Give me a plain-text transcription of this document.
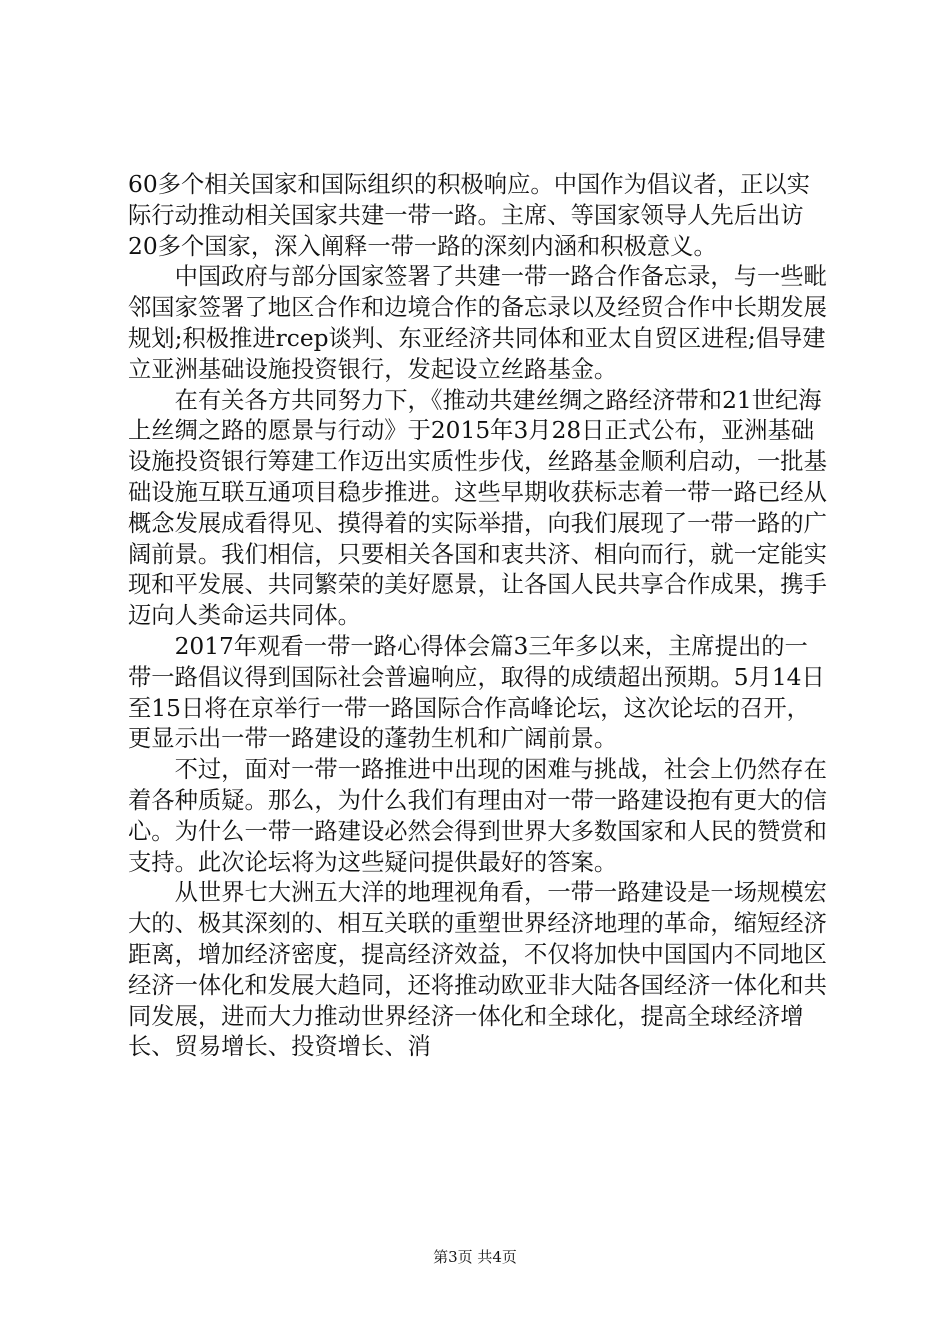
60多个相关国家和国际组织的积极响应。中国作为倡议者，正以实际行动推动相关国家共建一带一路。主席、等国家领导人先后出访20多个国家，深入阐释一带一路的深刻内涵和积极意义。

中国政府与部分国家签署了共建一带一路合作备忘录，与一些毗邻国家签署了地区合作和边境合作的备忘录以及经贸合作中长期发展规划;积极推进rcep谈判、东亚经济共同体和亚太自贸区进程;倡导建立亚洲基础设施投资银行，发起设立丝路基金。

在有关各方共同努力下，《推动共建丝绸之路经济带和21世纪海上丝绸之路的愿景与行动》于2015年3月28日正式公布，亚洲基础设施投资银行筹建工作迈出实质性步伐，丝路基金顺利启动，一批基础设施互联互通项目稳步推进。这些早期收获标志着一带一路已经从概念发展成看得见、摸得着的实际举措，向我们展现了一带一路的广阔前景。我们相信，只要相关各国和衷共济、相向而行，就一定能实现和平发展、共同繁荣的美好愿景，让各国人民共享合作成果，携手迈向人类命运共同体。

2017年观看一带一路心得体会篇3三年多以来，主席提出的一带一路倡议得到国际社会普遍响应，取得的成绩超出预期。5月14日至15日将在京举行一带一路国际合作高峰论坛，这次论坛的召开，更显示出一带一路建设的蓬勃生机和广阔前景。

不过，面对一带一路推进中出现的困难与挑战，社会上仍然存在着各种质疑。那么，为什么我们有理由对一带一路建设抱有更大的信心。为什么一带一路建设必然会得到世界大多数国家和人民的赞赏和支持。此次论坛将为这些疑问提供最好的答案。

从世界七大洲五大洋的地理视角看，一带一路建设是一场规模宏大的、极其深刻的、相互关联的重塑世界经济地理的革命，缩短经济距离，增加经济密度，提高经济效益，不仅将加快中国国内不同地区经济一体化和发展大趋同，还将推动欧亚非大陆各国经济一体化和共同发展，进而大力推动世界经济一体化和全球化，提高全球经济增长、贸易增长、投资增长、消

第3页 共4页
